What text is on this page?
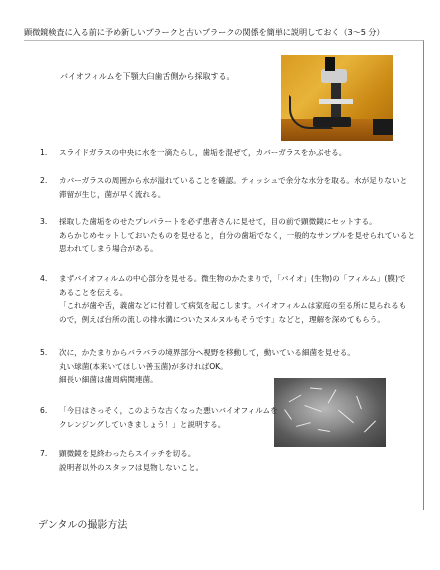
顕微鏡検査に入る前に予め新しいプラークと古いプラークの関係を簡単に説明しておく（3～5 分）
バイオフィルムを下顎大臼歯舌側から採取する。
1.	スライドガラスの中央に水を一滴たらし，歯垢を混ぜて，カバーガラスをかぶせる。
2.	カバーガラスの周囲から水が溢れていることを確認。ティッシュで余分な水分を取る。水が足りないと
滞留が生じ，菌が早く流れる。
3.	採取した歯垢をのせたプレパラートを必ず患者さんに見せて，目の前で顕微鏡にセットする。
あらかじめセットしておいたものを見せると，自分の歯垢でなく，一般的なサンプルを見せられていると
思われてしまう場合がある。
4.	まずバイオフィルムの中心部分を見せる。微生物のかたまりで，「バイオ」(生物)の「フィルム」(膜)で
あることを伝える。
「これが歯や舌，義歯などに付着して病気を起こします。バイオフィルムは家庭の至る所に見られるも
ので，例えば台所の流しの排水溝についたヌルヌルもそうです」などと，理解を深めてもらう。
5.	次に，かたまりからバラバラの境界部分へ視野を移動して，動いている細菌を見せる。
丸い球菌(本来いてほしい善玉菌)が多ければOK。
細長い細菌は歯周病関連菌。
6.	「今日はさっそく，このような古くなった悪いバイオフィルムを
クレンジングしていきましょう！」と説明する。
7.	顕微鏡を見終わったらスイッチを切る。
説明者以外のスタッフは見物しないこと。
デンタルの撮影方法
